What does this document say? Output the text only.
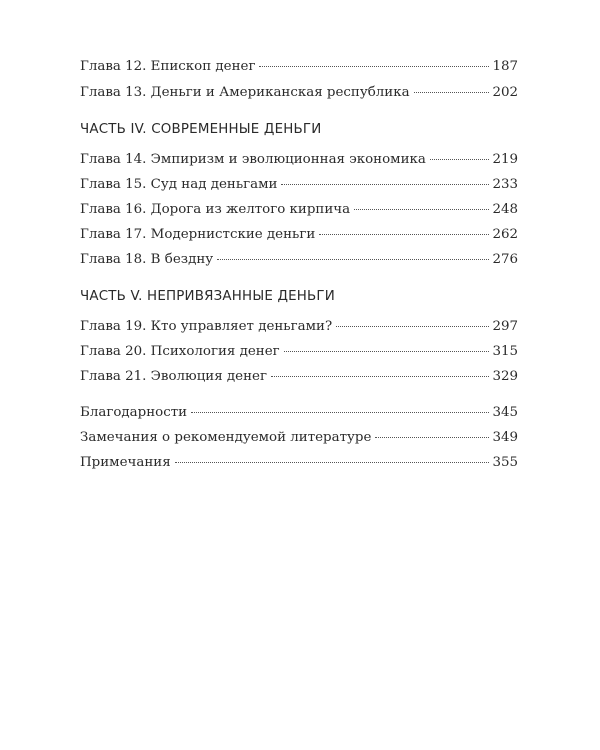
Глава 12. Епископ денег	187
Глава 13. Деньги и Американская республика	202
ЧАСТЬ IV. СОВРЕМЕННЫЕ ДЕНЬГИ
Глава 14. Эмпиризм и эволюционная экономика	219
Глава 15. Суд над деньгами	233
Глава 16. Дорога из желтого кирпича	248
Глава 17. Модернистские деньги	262
Глава 18. В бездну	276
ЧАСТЬ V. НЕПРИВЯЗАННЫЕ ДЕНЬГИ
Глава 19. Кто управляет деньгами?	297
Глава 20. Психология денег	315
Глава 21. Эволюция денег	329
Благодарности	345
Замечания о рекомендуемой литературе	349
Примечания	355
